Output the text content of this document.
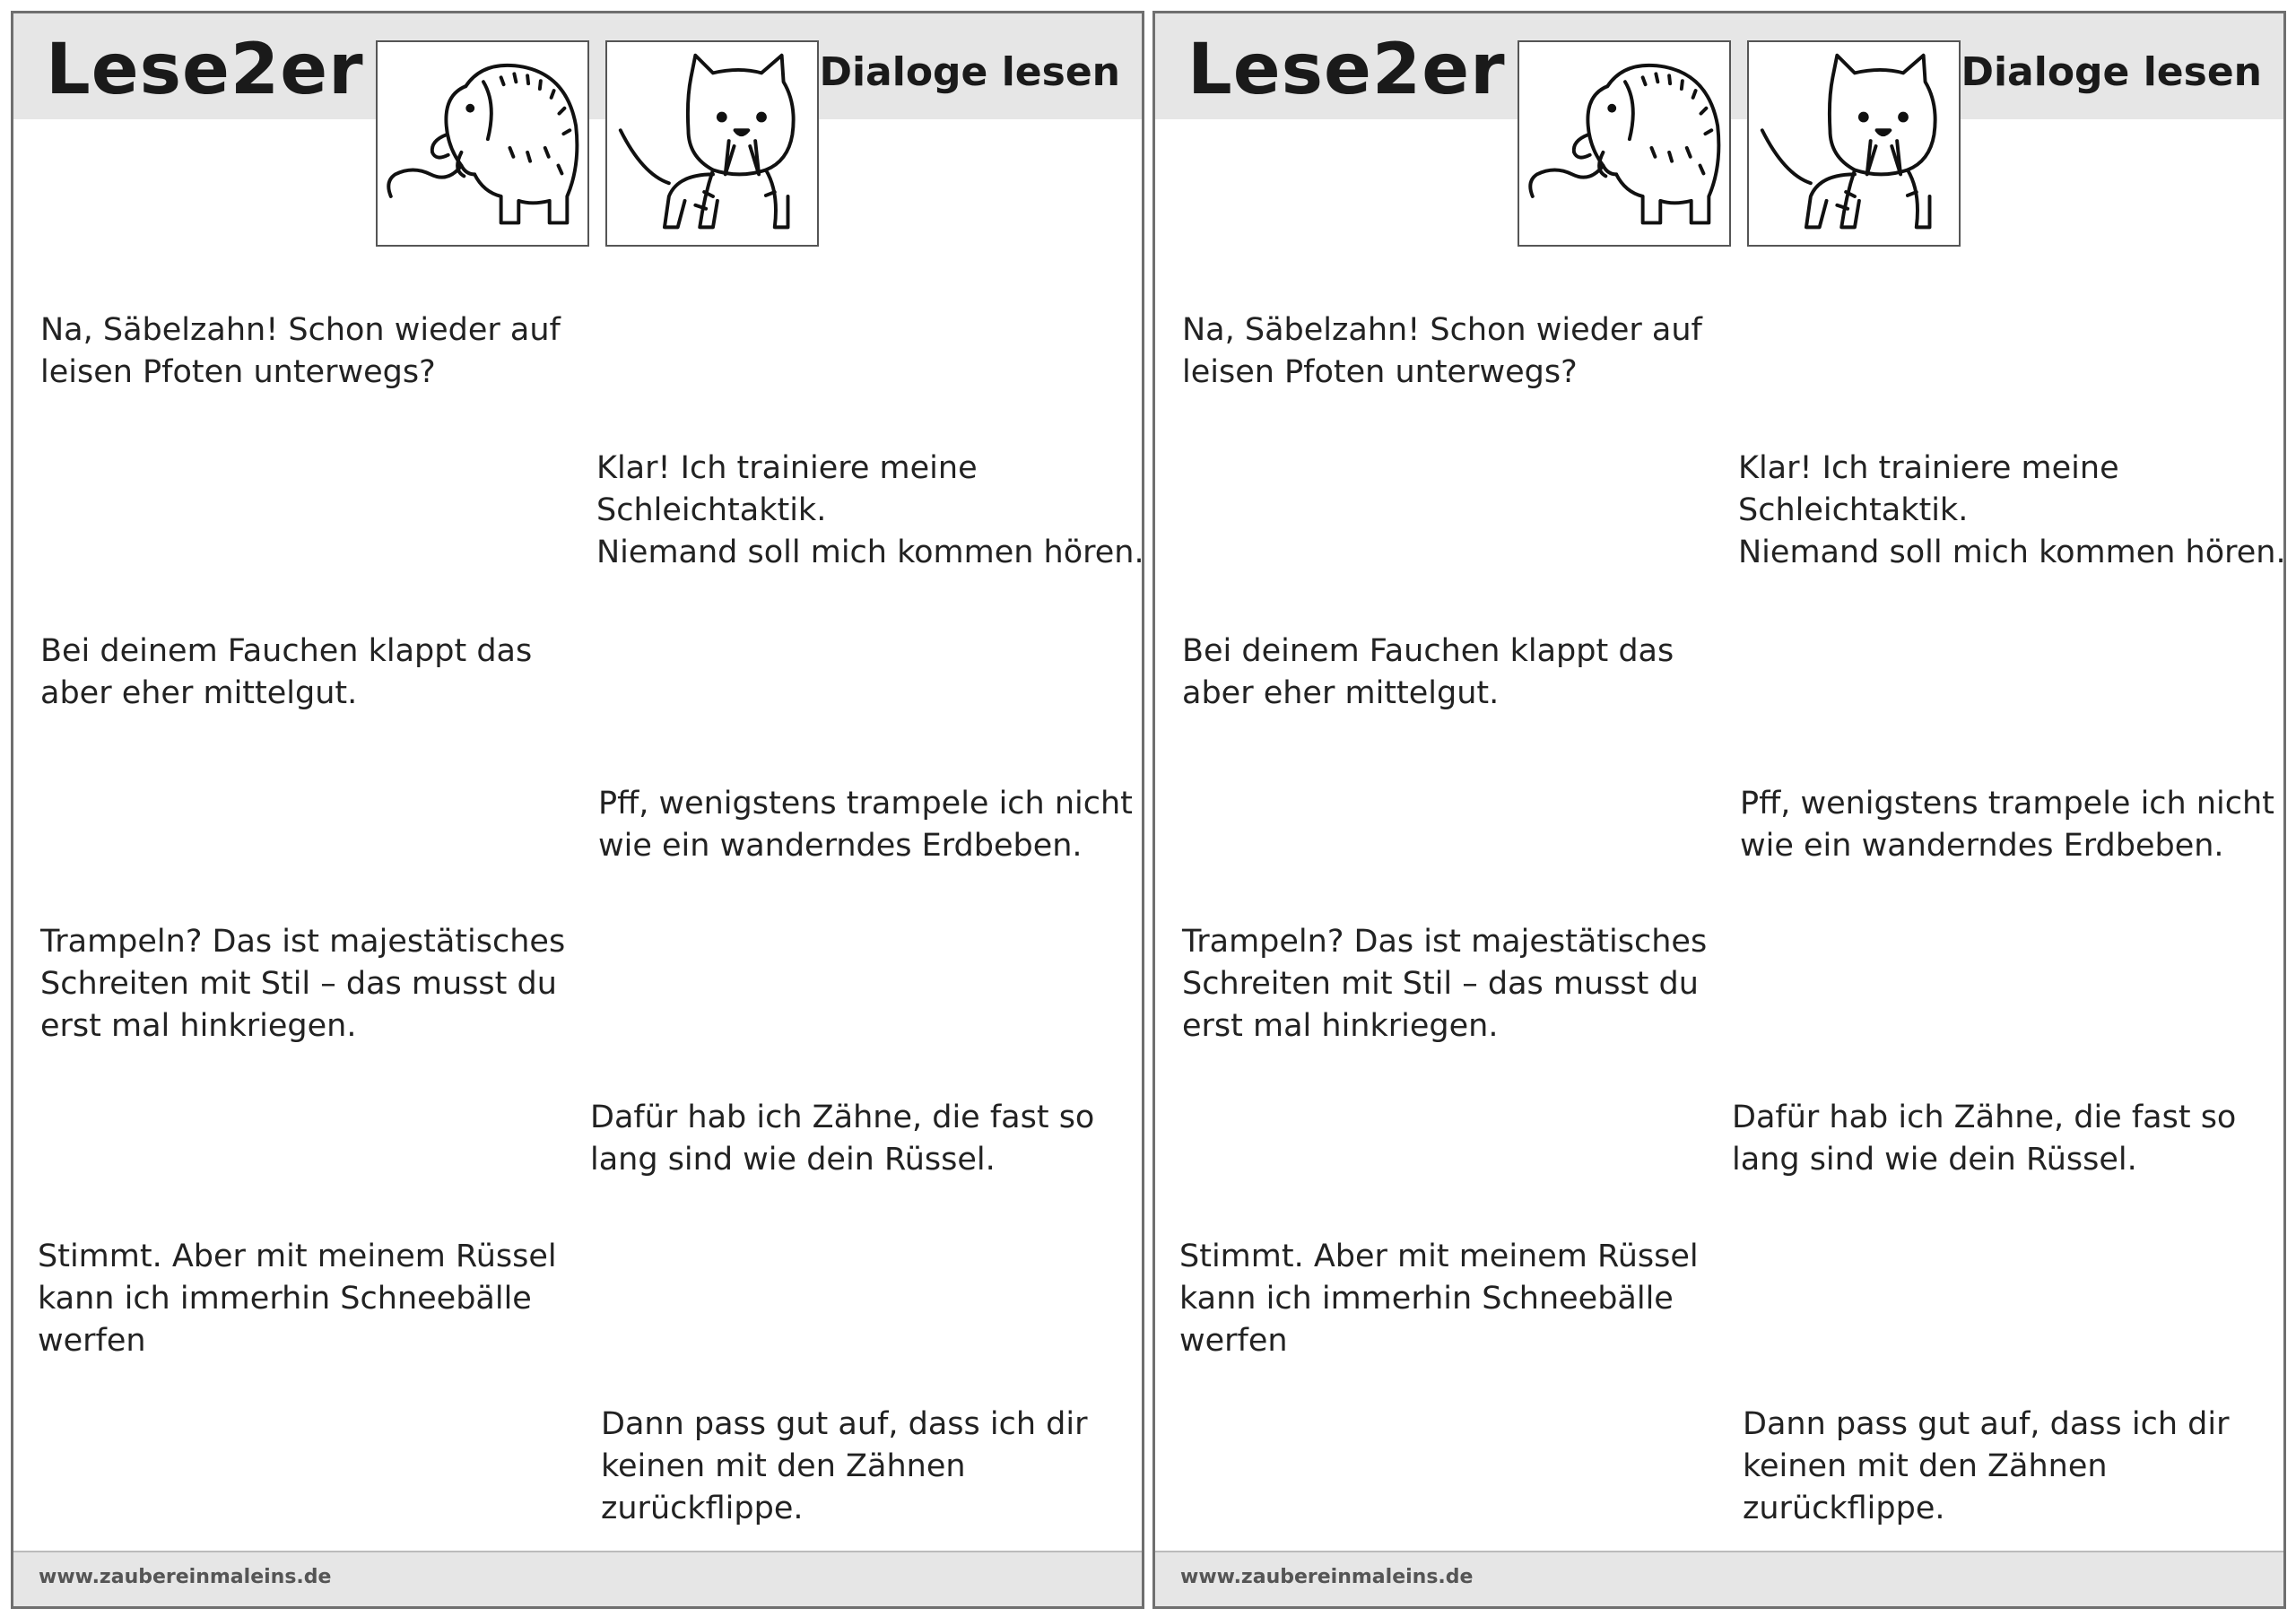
Lese2er	Dialoge lesen
Na, Säbelzahn! Schon wieder auf
leisen Pfoten unterwegs?
Klar! Ich trainiere meine
Schleichtaktik.
Niemand soll mich kommen hören.
Bei deinem Fauchen klappt das
aber eher mittelgut.
Pff, wenigstens trampele ich nicht
wie ein wanderndes Erdbeben.
Trampeln? Das ist majestätisches
Schreiten mit Stil – das musst du
erst mal hinkriegen.
Dafür hab ich Zähne, die fast so
lang sind wie dein Rüssel.
Stimmt. Aber mit meinem Rüssel
kann ich immerhin Schneebälle
werfen
Dann pass gut auf, dass ich dir
keinen mit den Zähnen
zurückflippe.
www.zaubereinmaleins.de
Lese2er	Dialoge lesen
Na, Säbelzahn! Schon wieder auf
leisen Pfoten unterwegs?
Klar! Ich trainiere meine
Schleichtaktik.
Niemand soll mich kommen hören.
Bei deinem Fauchen klappt das
aber eher mittelgut.
Pff, wenigstens trampele ich nicht
wie ein wanderndes Erdbeben.
Trampeln? Das ist majestätisches
Schreiten mit Stil – das musst du
erst mal hinkriegen.
Dafür hab ich Zähne, die fast so
lang sind wie dein Rüssel.
Stimmt. Aber mit meinem Rüssel
kann ich immerhin Schneebälle
werfen
Dann pass gut auf, dass ich dir
keinen mit den Zähnen
zurückflippe.
www.zaubereinmaleins.de
